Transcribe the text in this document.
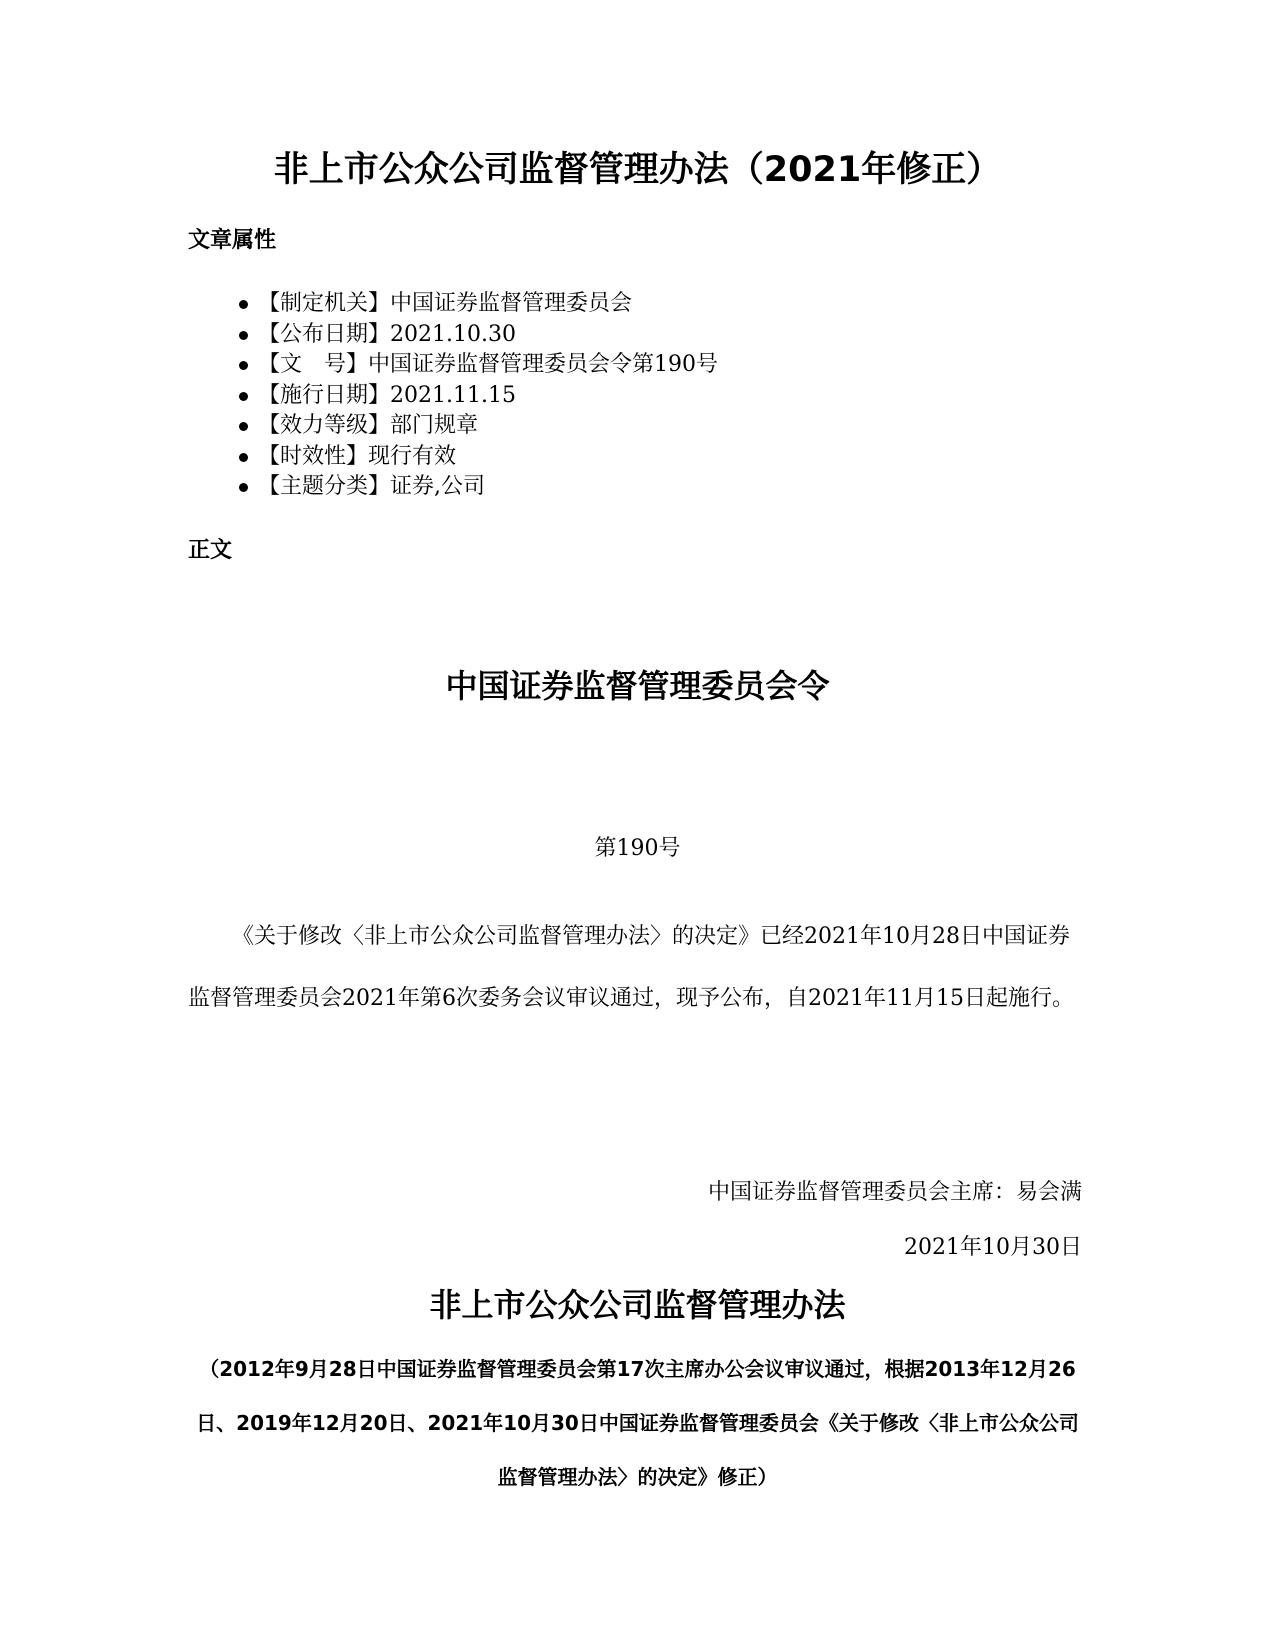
非上市公众公司监督管理办法（2021年修正）
文章属性
【制定机关】中国证券监督管理委员会
【公布日期】2021.10.30
【文　号】中国证券监督管理委员会令第190号
【施行日期】2021.11.15
【效力等级】部门规章
【时效性】现行有效
【主题分类】证券,公司
正文
中国证券监督管理委员会令
第190号

《关于修改〈非上市公众公司监督管理办法〉的决定》已经2021年10月28日中国证券监督管理委员会2021年第6次委务会议审议通过，现予公布，自2021年11月15日起施行。

中国证券监督管理委员会主席：易会满
2021年10月30日
非上市公众公司监督管理办法

（2012年9月28日中国证券监督管理委员会第17次主席办公会议审议通过，根据2013年12月26日、2019年12月20日、2021年10月30日中国证券监督管理委员会《关于修改〈非上市公众公司监督管理办法〉的决定》修正）
